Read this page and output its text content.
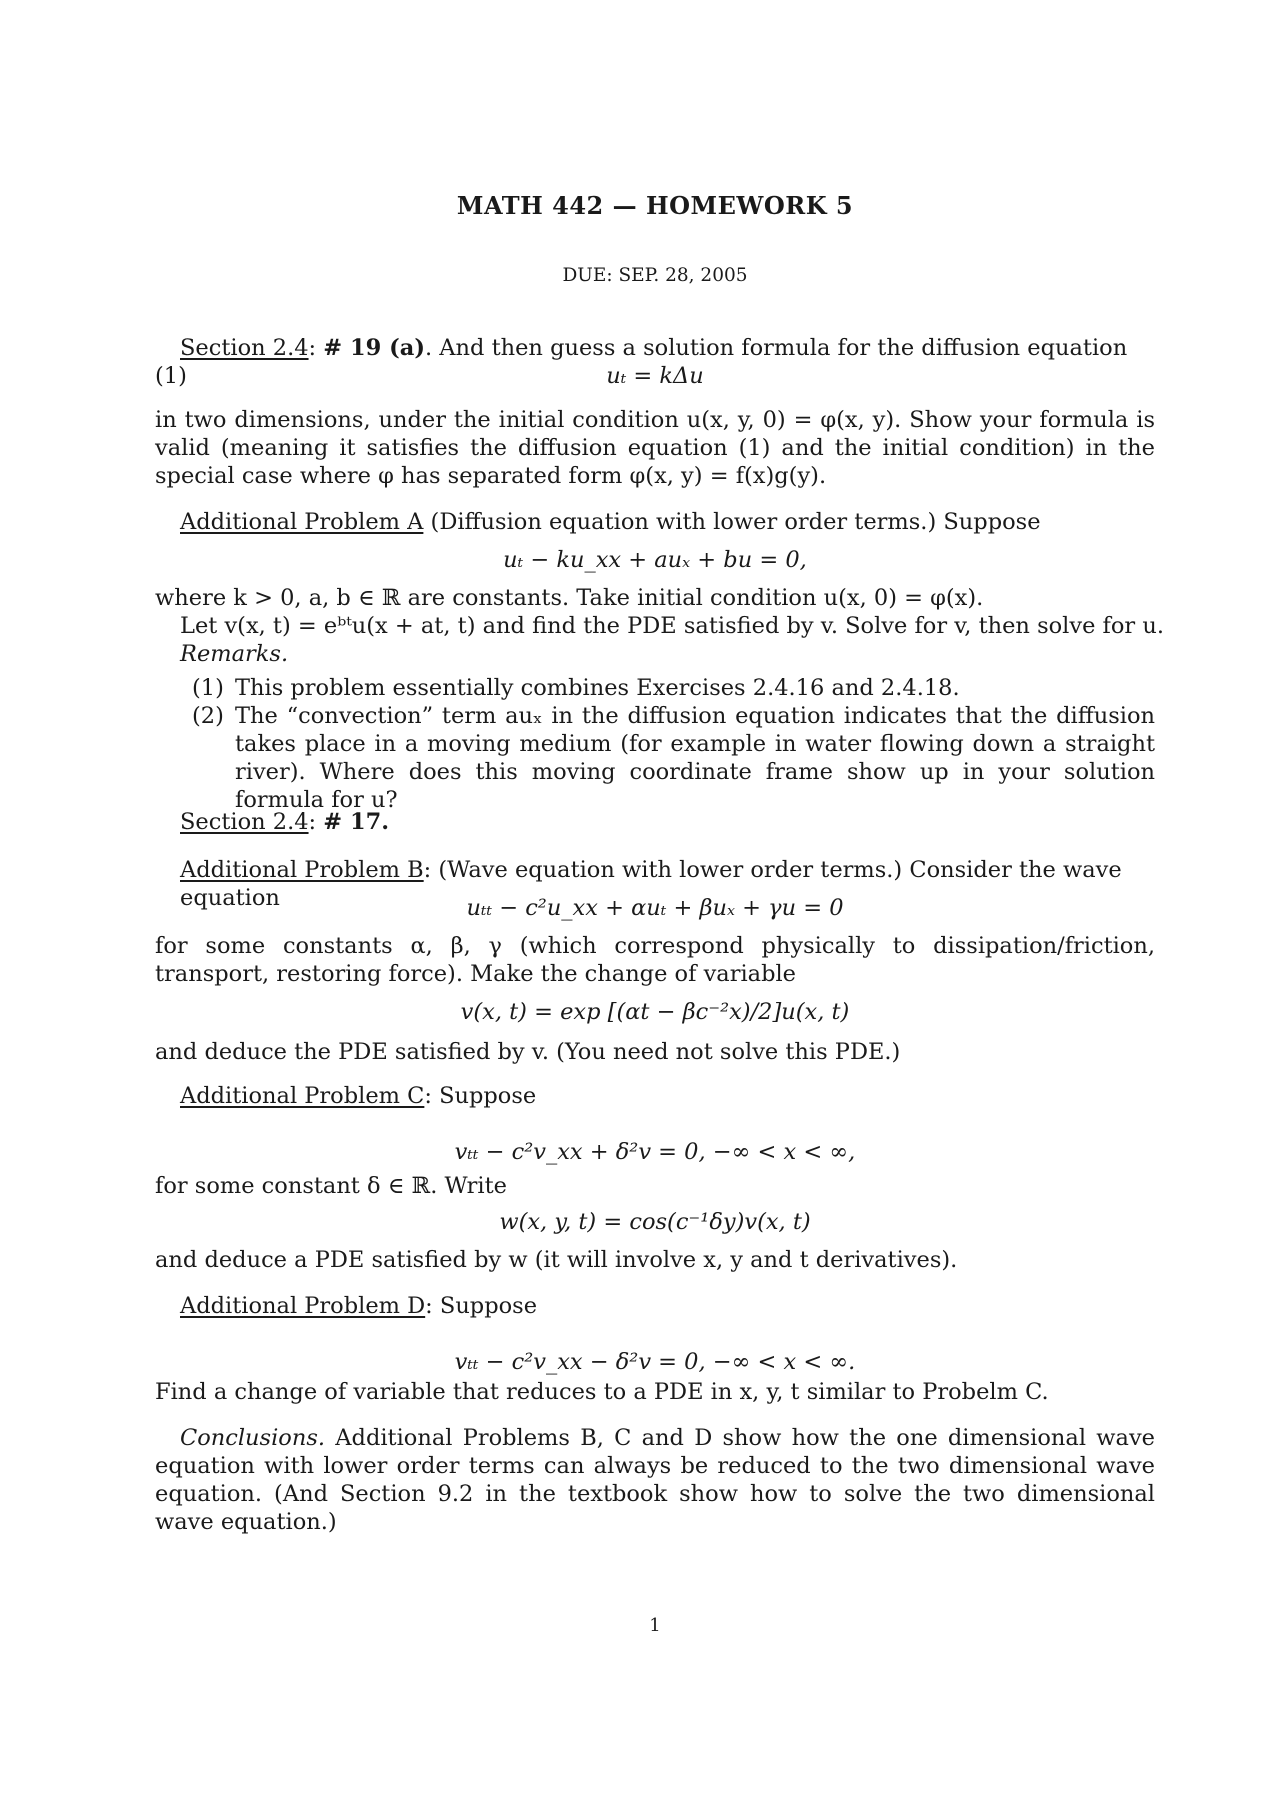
MATH 442 — HOMEWORK 5
DUE: SEP. 28, 2005
Section 2.4: # 19 (a). And then guess a solution formula for the diffusion equation
(1)	uₜ = kΔu
in two dimensions, under the initial condition u(x, y, 0) = φ(x, y). Show your formula is valid (meaning it satisfies the diffusion equation (1) and the initial condition) in the special case where φ has separated form φ(x, y) = f(x)g(y).
Additional Problem A (Diffusion equation with lower order terms.) Suppose
uₜ − ku_xx + auₓ + bu = 0,
where k > 0, a, b ∈ ℝ are constants. Take initial condition u(x, 0) = φ(x).
Let v(x, t) = eᵇᵗu(x + at, t) and find the PDE satisfied by v. Solve for v, then solve for u.
Remarks.
(1) This problem essentially combines Exercises 2.4.16 and 2.4.18.
(2) The “convection” term auₓ in the diffusion equation indicates that the diffusion takes place in a moving medium (for example in water flowing down a straight river). Where does this moving coordinate frame show up in your solution formula for u?
Section 2.4: # 17.
Additional Problem B: (Wave equation with lower order terms.) Consider the wave equation	uₜₜ − c²u_xx + αuₜ + βuₓ + γu = 0
for some constants α, β, γ (which correspond physically to dissipation/friction, transport, restoring force). Make the change of variable
v(x, t) = exp [(αt − βc⁻²x)/2]u(x, t)
and deduce the PDE satisfied by v. (You need not solve this PDE.)
Additional Problem C: Suppose
vₜₜ − c²v_xx + δ²v = 0, −∞ < x < ∞,
for some constant δ ∈ ℝ. Write
w(x, y, t) = cos(c⁻¹δy)v(x, t)
and deduce a PDE satisfied by w (it will involve x, y and t derivatives).
Additional Problem D: Suppose
vₜₜ − c²v_xx − δ²v = 0, −∞ < x < ∞.
Find a change of variable that reduces to a PDE in x, y, t similar to Probelm C.
Conclusions. Additional Problems B, C and D show how the one dimensional wave equation with lower order terms can always be reduced to the two dimensional wave equation. (And Section 9.2 in the textbook show how to solve the two dimensional wave equation.)
1
